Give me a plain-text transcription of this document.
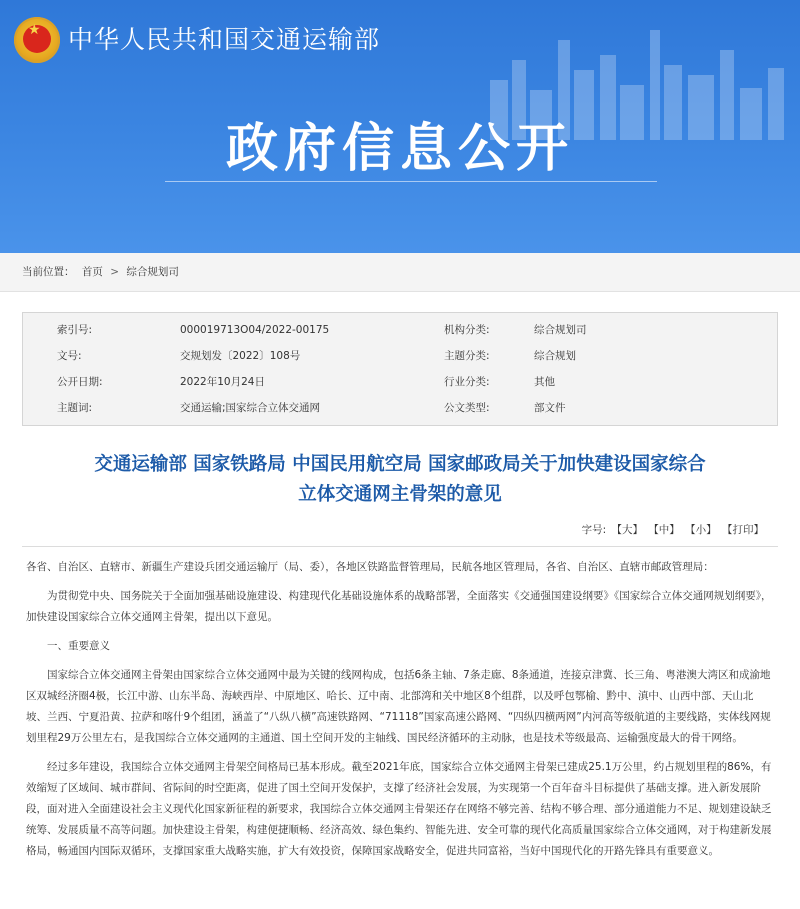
★ 中华人民共和国交通运输部
政府信息公开
当前位置： 首页 > 综合规划司
索引号:	000019713O04/2022-00175	机构分类:	综合规划司
文号:	交规划发〔2022〕108号	主题分类:	综合规划
公开日期:	2022年10月24日	行业分类:	其他
主题词:	交通运输;国家综合立体交通网	公文类型:	部文件
交通运输部 国家铁路局 中国民用航空局 国家邮政局关于加快建设国家综合
立体交通网主骨架的意见
字号: 【大】 【中】 【小】 【打印】

各省、自治区、直辖市、新疆生产建设兵团交通运输厅（局、委），各地区铁路监督管理局，民航各地区管理局，各省、自治区、直辖市邮政管理局：

为贯彻党中央、国务院关于全面加强基础设施建设、构建现代化基础设施体系的战略部署，全面落实《交通强国建设纲要》《国家综合立体交通网规划纲要》，加快建设国家综合立体交通网主骨架，提出以下意见。

一、重要意义

国家综合立体交通网主骨架由国家综合立体交通网中最为关键的线网构成，包括6条主轴、7条走廊、8条通道，连接京津冀、长三角、粤港澳大湾区和成渝地区双城经济圈4极，长江中游、山东半岛、海峡西岸、中原地区、哈长、辽中南、北部湾和关中地区8个组群，以及呼包鄂榆、黔中、滇中、山西中部、天山北坡、兰西、宁夏沿黄、拉萨和喀什9个组团，涵盖了“八纵八横”高速铁路网、“71118”国家高速公路网、“四纵四横两网”内河高等级航道的主要线路，实体线网规划里程29万公里左右，是我国综合立体交通网的主通道、国土空间开发的主轴线、国民经济循环的主动脉，也是技术等级最高、运输强度最大的骨干网络。

经过多年建设，我国综合立体交通网主骨架空间格局已基本形成。截至2021年底，国家综合立体交通网主骨架已建成25.1万公里，约占规划里程的86%，有效缩短了区域间、城市群间、省际间的时空距离，促进了国土空间开发保护，支撑了经济社会发展，为实现第一个百年奋斗目标提供了基础支撑。进入新发展阶段，面对进入全面建设社会主义现代化国家新征程的新要求，我国综合立体交通网主骨架还存在网络不够完善、结构不够合理、部分通道能力不足、规划建设缺乏统筹、发展质量不高等问题。加快建设主骨架，构建便捷顺畅、经济高效、绿色集约、智能先进、安全可靠的现代化高质量国家综合立体交通网，对于构建新发展格局，畅通国内国际双循环，支撑国家重大战略实施，扩大有效投资，保障国家战略安全，促进共同富裕，当好中国现代化的开路先锋具有重要意义。
